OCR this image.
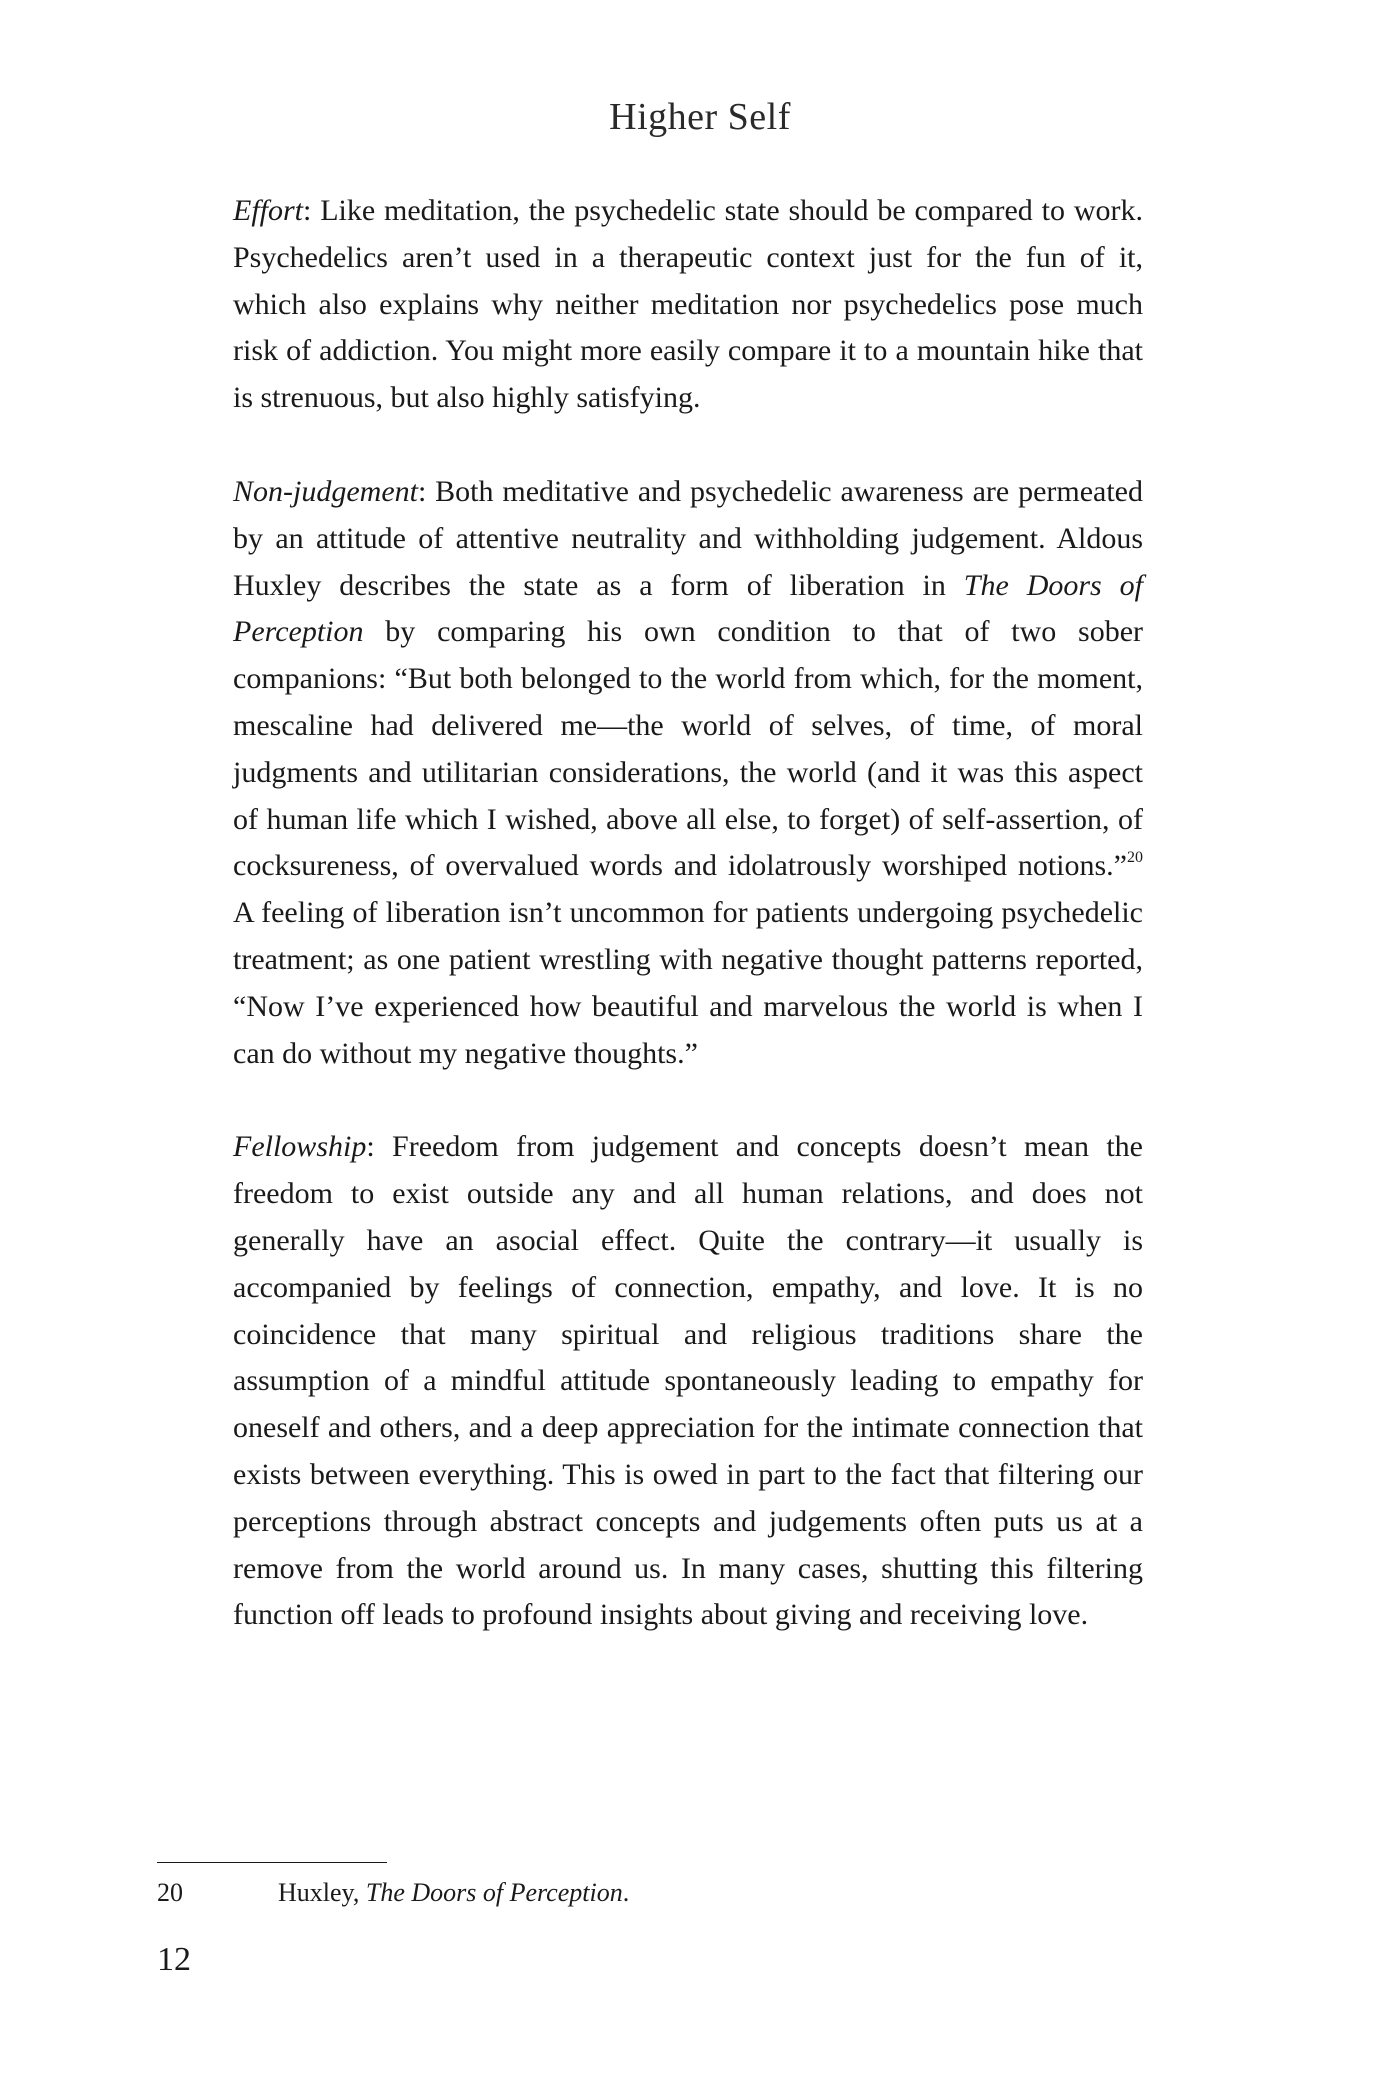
Higher Self

Effort: Like meditation, the psychedelic state should be compared to work. Psychedelics aren’t used in a therapeutic context just for the fun of it, which also explains why neither meditation nor psychedelics pose much risk of addiction. You might more easily compare it to a mountain hike that is strenuous, but also highly satisfying.

Non-judgement: Both meditative and psychedelic awareness are permeated by an attitude of attentive neutrality and withholding judgement. Aldous Huxley describes the state as a form of liberation in The Doors of Perception by comparing his own condition to that of two sober companions: “But both belonged to the world from which, for the moment, mescaline had delivered me—the world of selves, of time, of moral judgments and utilitarian considerations, the world (and it was this aspect of human life which I wished, above all else, to forget) of self-assertion, of cocksureness, of overvalued words and idolatrously worshiped notions.”$^{20}$ A feeling of liberation isn’t uncommon for patients undergoing psychedelic treatment; as one patient wrestling with negative thought patterns reported, “Now I’ve experienced how beautiful and marvelous the world is when I can do without my negative thoughts.”

Fellowship: Freedom from judgement and concepts doesn’t mean the freedom to exist outside any and all human relations, and does not generally have an asocial effect. Quite the contrary—it usually is accompanied by feelings of connection, empathy, and love. It is no coincidence that many spiritual and religious traditions share the assumption of a mindful attitude spontaneously leading to empathy for oneself and others, and a deep appreciation for the intimate connection that exists between everything. This is owed in part to the fact that filtering our perceptions through abstract concepts and judgements often puts us at a remove from the world around us. In many cases, shutting this filtering function off leads to profound insights about giving and receiving love.

20	Huxley, The Doors of Perception.
12
